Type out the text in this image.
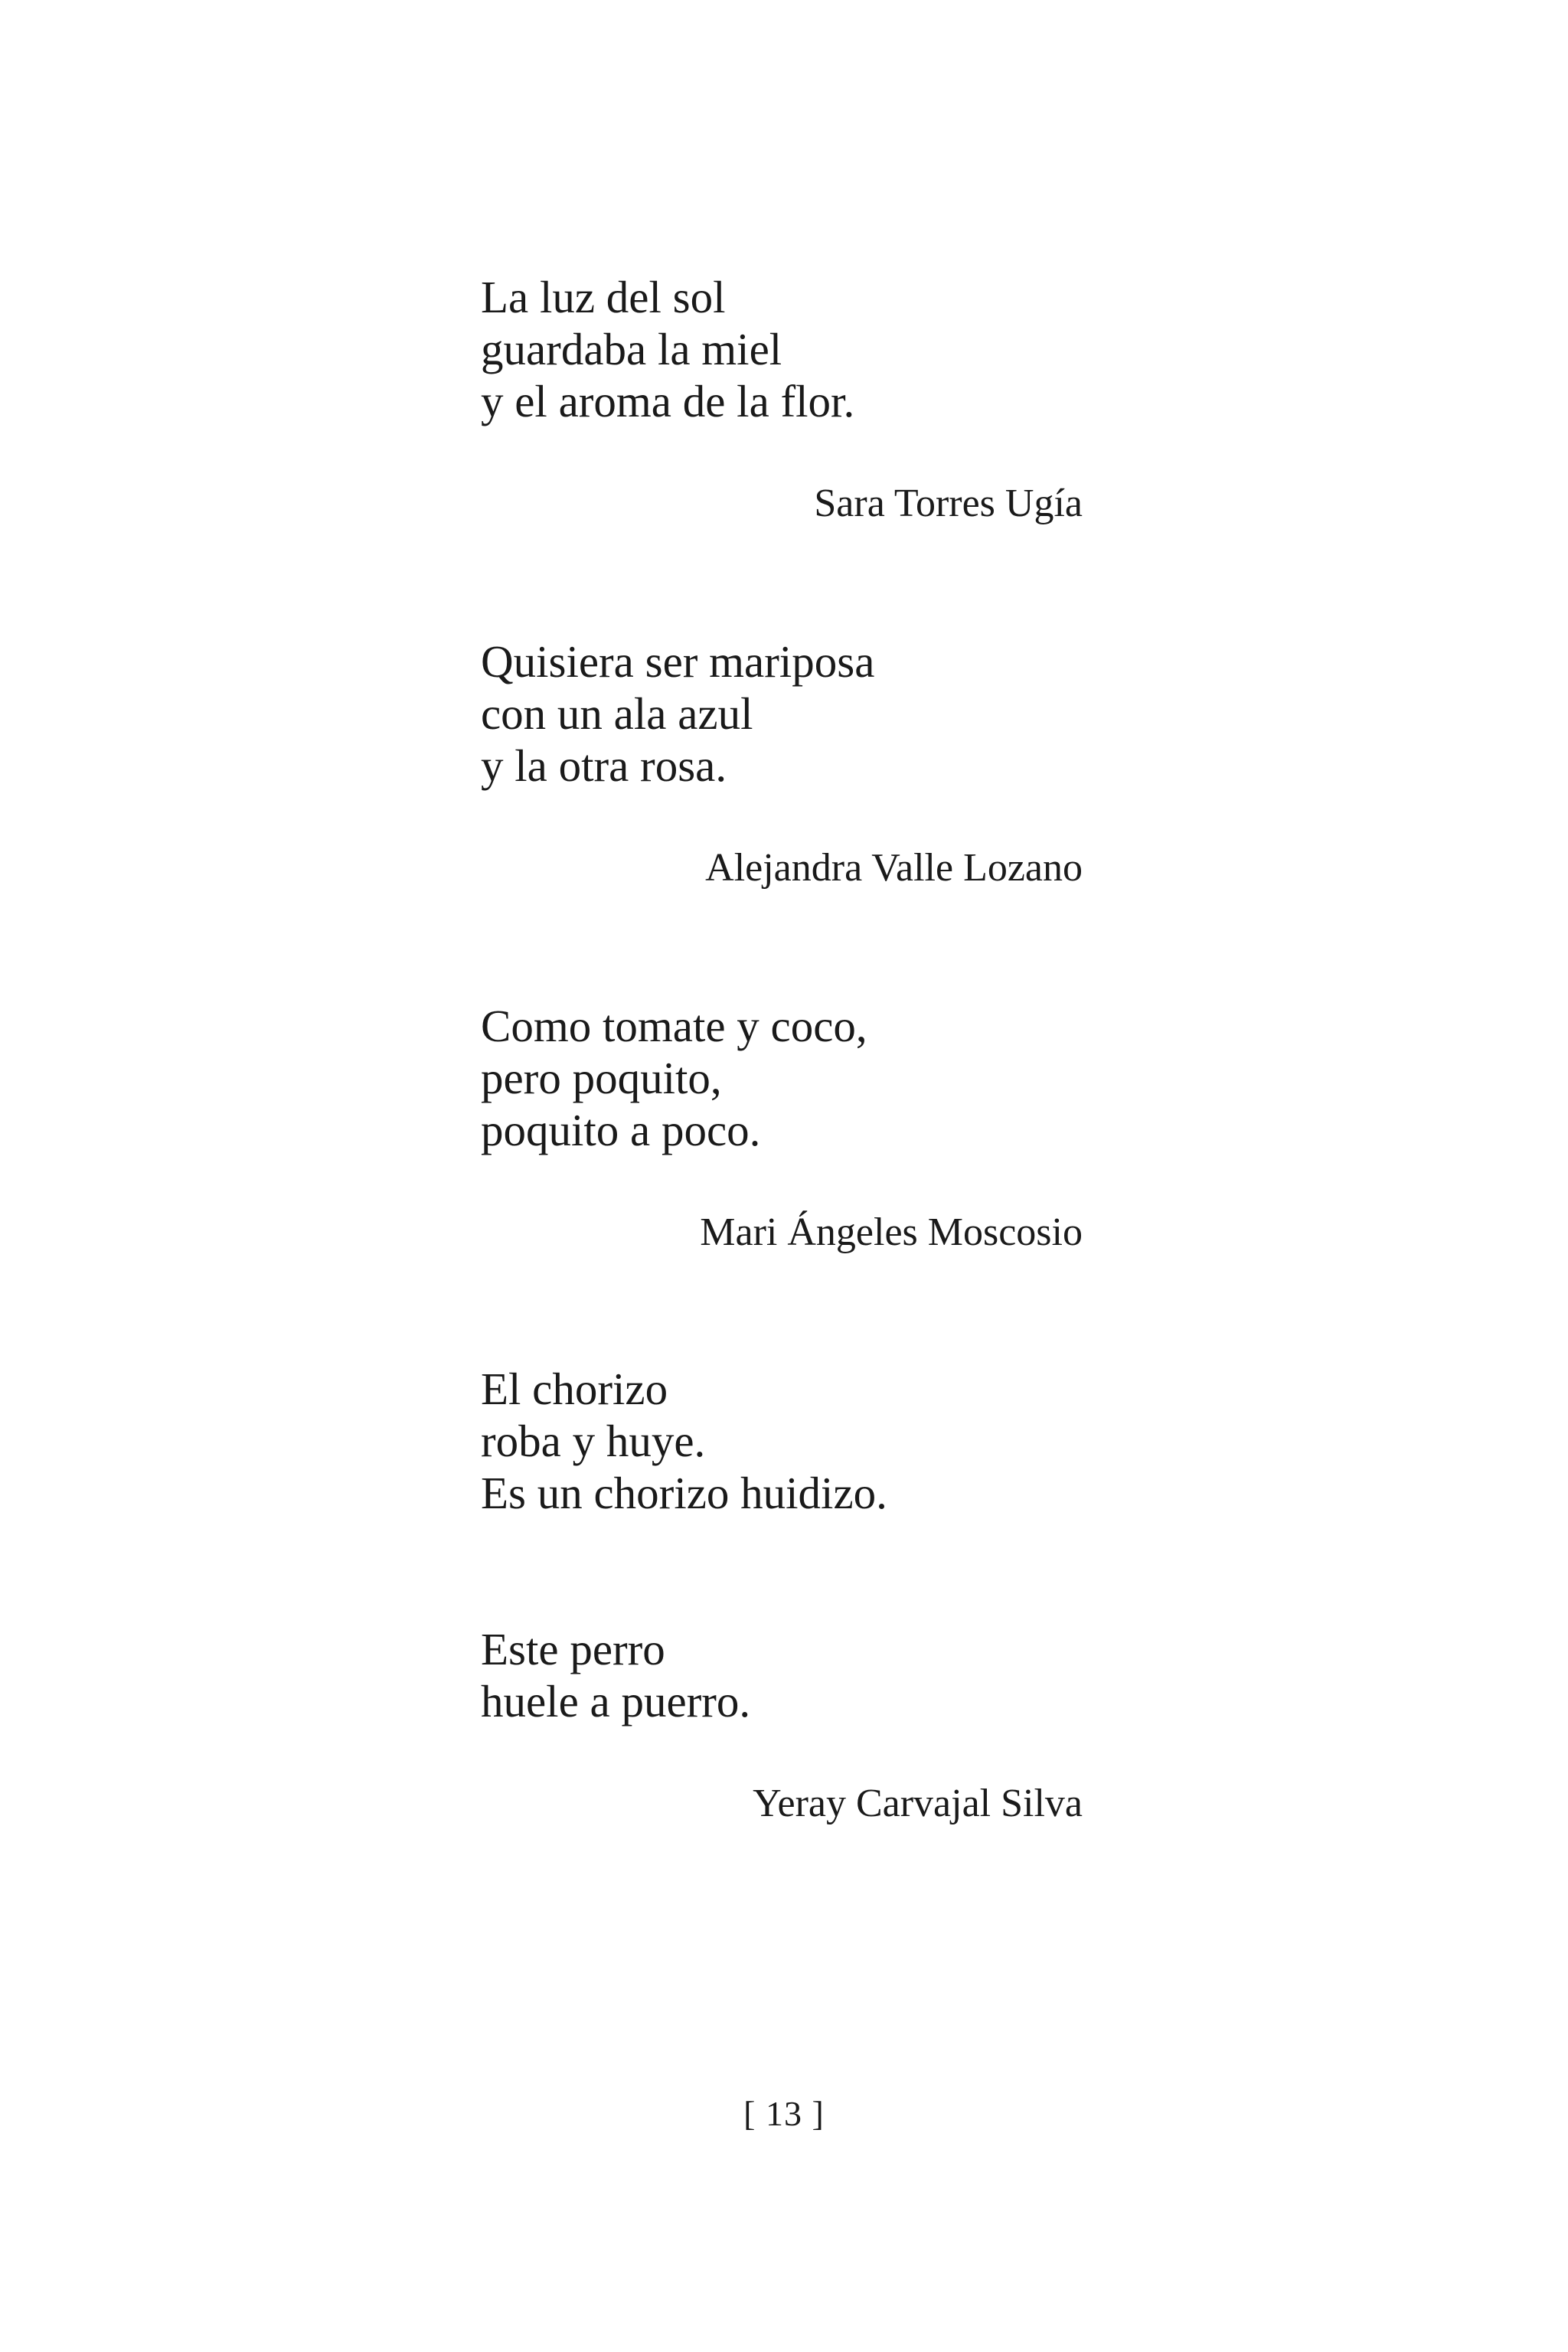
La luz del sol
guardaba la miel
y el aroma de la flor.
Sara Torres Ugía
Quisiera ser mariposa
con un ala azul
y la otra rosa.
Alejandra Valle Lozano
Como tomate y coco,
pero poquito,
poquito a poco.
Mari Ángeles Moscosio
El chorizo
roba y huye.
Es un chorizo huidizo.
Este perro
huele a puerro.
Yeray Carvajal Silva
[ 13 ]
